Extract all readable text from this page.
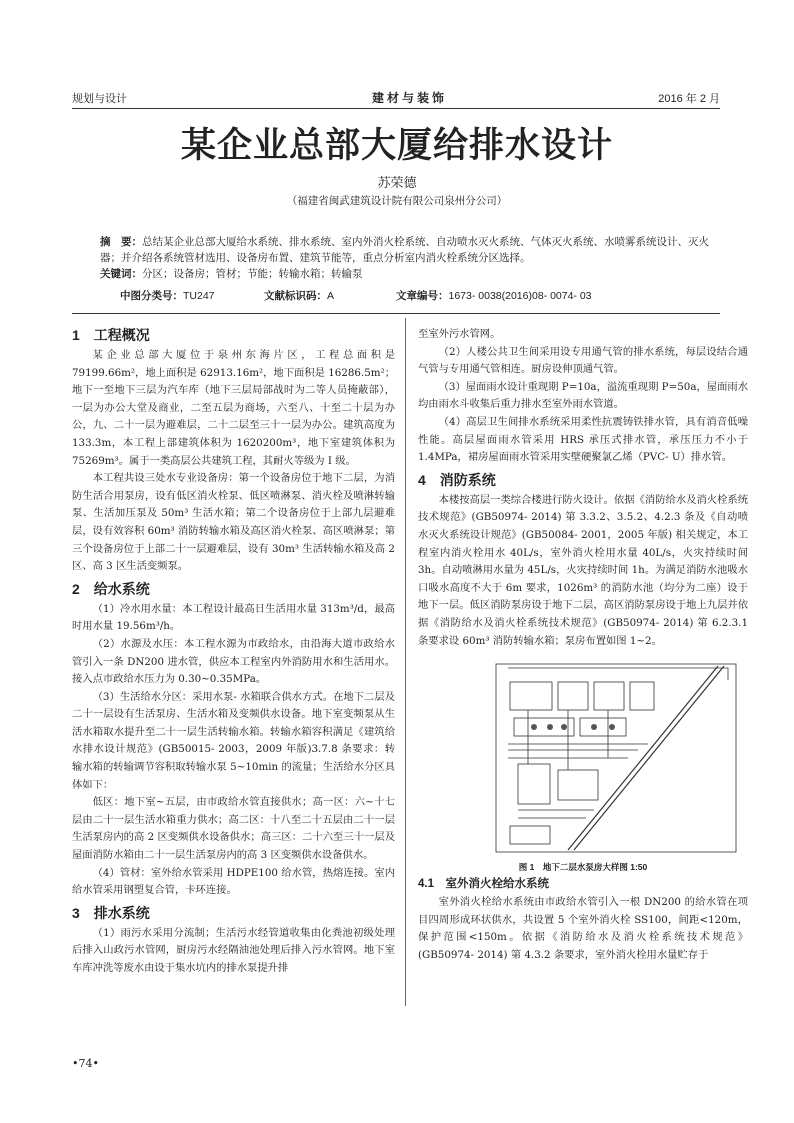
规划与设计	建材与装饰	2016 年 2 月
某企业总部大厦给排水设计
苏荣德
（福建省闽武建筑设计院有限公司泉州分公司）
摘　要：总结某企业总部大厦给水系统、排水系统、室内外消火栓系统、自动喷水灭火系统、气体灭火系统、水喷雾系统设计、灭火器；并介绍各系统管材选用、设备房布置、建筑节能等，重点分析室内消火栓系统分区选择。
关键词：分区；设备房；管材；节能；转输水箱；转输泵
中图分类号：TU247	文献标识码：A	文章编号：1673- 0038(2016)08- 0074- 03
1　工程概况

某企业总部大厦位于泉州东海片区，工程总面积是 79199.66m²，地上面积是 62913.16m²，地下面积是 16286.5m²；地下一至地下三层为汽车库（地下三层局部战时为二等人员掩蔽部），一层为办公大堂及商业，二至五层为商场，六至八、十至二十层为办公，九、二十一层为避难层，二十二层至三十一层为办公。建筑高度为 133.3m，本工程上部建筑体积为 1620200m³，地下室建筑体积为 75269m³。属于一类高层公共建筑工程，其耐火等级为 I 级。

本工程共设三处水专业设备房：第一个设备房位于地下二层，为消防生活合用泵房，设有低区消火栓泵、低区喷淋泵、消火栓及喷淋转输泵、生活加压泵及 50m³ 生活水箱；第二个设备房位于上部九层避难层，设有效容积 60m³ 消防转输水箱及高区消火栓泵、高区喷淋泵；第三个设备房位于上部二十一层避难层，设有 30m³ 生活转输水箱及高 2 区、高 3 区生活变频泵。

2　给水系统

（1）冷水用水量：本工程设计最高日生活用水量 313m³/d，最高时用水量 19.56m³/h。

（2）水源及水压：本工程水源为市政给水，由沿海大道市政给水管引入一条 DN200 进水管，供应本工程室内外消防用水和生活用水。接入点市政给水压力为 0.30~0.35MPa。

（3）生活给水分区：采用水泵- 水箱联合供水方式。在地下二层及二十一层设有生活泵房、生活水箱及变频供水设备。地下室变频泵从生活水箱取水提升至二十一层生活转输水箱。转输水箱容积满足《建筑给水排水设计规范》(GB50015- 2003，2009 年版)3.7.8 条要求：转输水箱的转输调节容积取转输水泵 5~10min 的流量；生活给水分区具体如下：

低区：地下室~五层，由市政给水管直接供水；高一区：六~十七层由二十一层生活水箱重力供水；高二区：十八至二十五层由二十一层生活泵房内的高 2 区变频供水设备供水；高三区：二十六至三十一层及屋面消防水箱由二十一层生活泵房内的高 3 区变频供水设备供水。

（4）管材：室外给水管采用 HDPE100 给水管，热熔连接。室内给水管采用钢塑复合管，卡环连接。

3　排水系统

（1）雨污水采用分流制；生活污水经管道收集由化粪池初级处理后排入山政污水管网，厨房污水经隔油池处理后排入污水管网。地下室车库冲洗等废水由设于集水坑内的排水泵提升排

至室外污水管网。

（2）人楼公共卫生间采用设专用通气管的排水系统，每层设结合通气管与专用通气管相连。厨房设伸顶通气管。

（3）屋面雨水设计重现期 P=10a，溢流重现期 P=50a，屋面雨水均由雨水斗收集后重力排水至室外雨水管道。

（4）高层卫生间排水系统采用柔性抗震铸铁排水管，具有消音低噪性能。高层屋面雨水管采用 HRS 承压式排水管，承压压力不小于 1.4MPa，裙房屋面雨水管采用实壁硬聚氯乙烯（PVC- U）排水管。

4　消防系统

本楼按高层一类综合楼进行防火设计。依据《消防给水及消火栓系统技术规范》(GB50974- 2014) 第 3.3.2、3.5.2、4.2.3 条及《自动喷水灭火系统设计规范》(GB50084- 2001，2005 年版) 相关规定，本工程室内消火栓用水 40L/s，室外消火栓用水量 40L/s，火灾持续时间 3h。自动喷淋用水量为 45L/s，火灾持续时间 1h。为满足消防水池吸水口吸水高度不大于 6m 要求，1026m³ 的消防水池（均分为二座）设于地下一层。低区消防泵房设于地下二层，高区消防泵房设于地上九层并依据《消防给水及消火栓系统技术规范》(GB50974- 2014) 第 6.2.3.1 条要求设 60m³ 消防转输水箱；泵房布置如图 1~2。

图 1　地下二层水泵房大样图 1:50
4.1　室外消火栓给水系统

室外消火栓给水系统由市政给水管引入一根 DN200 的给水管在项目四周形成环状供水，共设置 5 个室外消火栓 SS100，间距<120m，保护范围<150m。依据《消防给水及消火栓系统技术规范》(GB50974- 2014) 第 4.3.2 条要求，室外消火栓用水量贮存于

•74•
